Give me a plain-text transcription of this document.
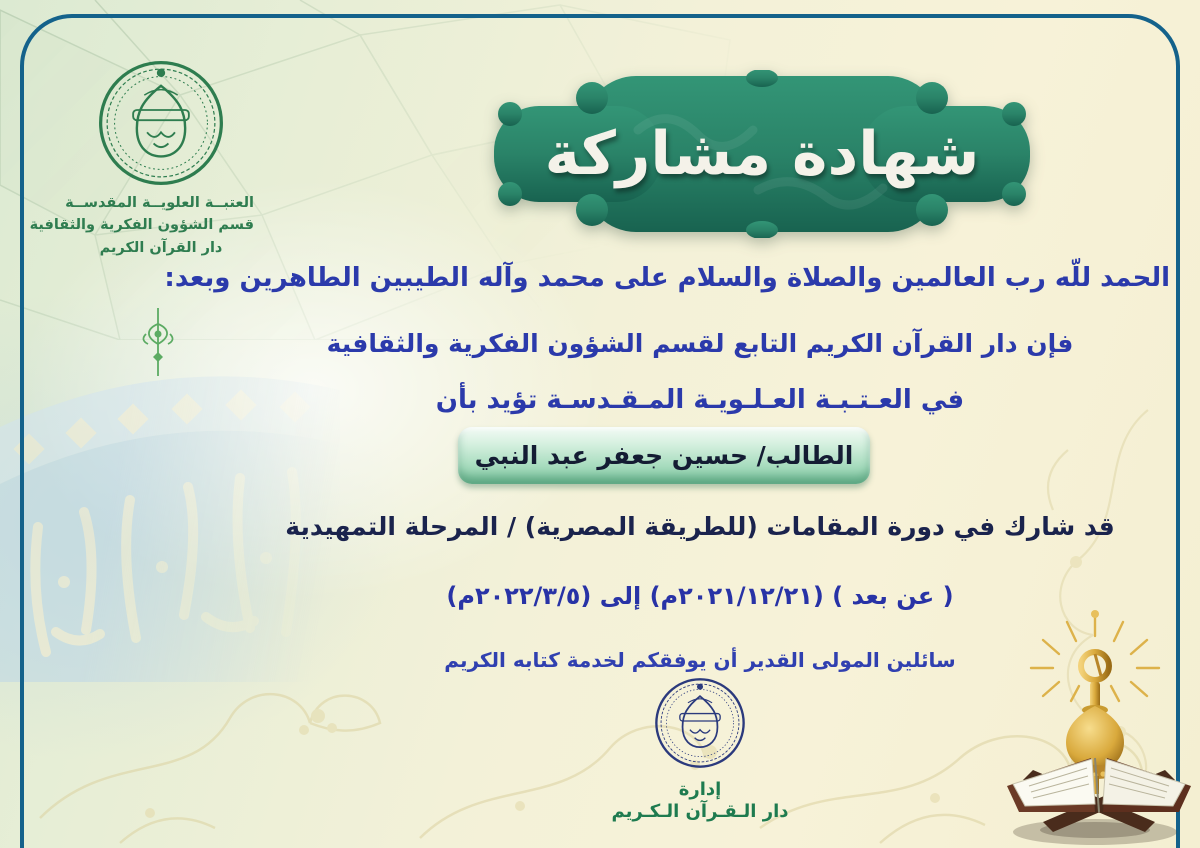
العتبــة العلويــة المقدســة
قسم الشؤون الفكرية والثقافية
دار القرآن الكريم
شهادة مشاركة
الحمد للّه رب العالمين والصلاة والسلام على محمد وآله الطيبين الطاهرين وبعد:
فإن دار القرآن الكريم التابع لقسم الشؤون الفكرية والثقافية
في العـتـبـة العـلـويـة المـقـدسـة تؤيد بأن
الطالب/ حسين جعفر عبد النبي
قد شارك في دورة المقامات (للطريقة المصرية) / المرحلة التمهيدية
( عن بعد ) (٢٠٢١/١٢/٢١م) إلى (٢٠٢٢/٣/٥م)
سائلين المولى القدير أن يوفقكم لخدمة كتابه الكريم
إدارة
دار الـقـرآن الـكـريم
